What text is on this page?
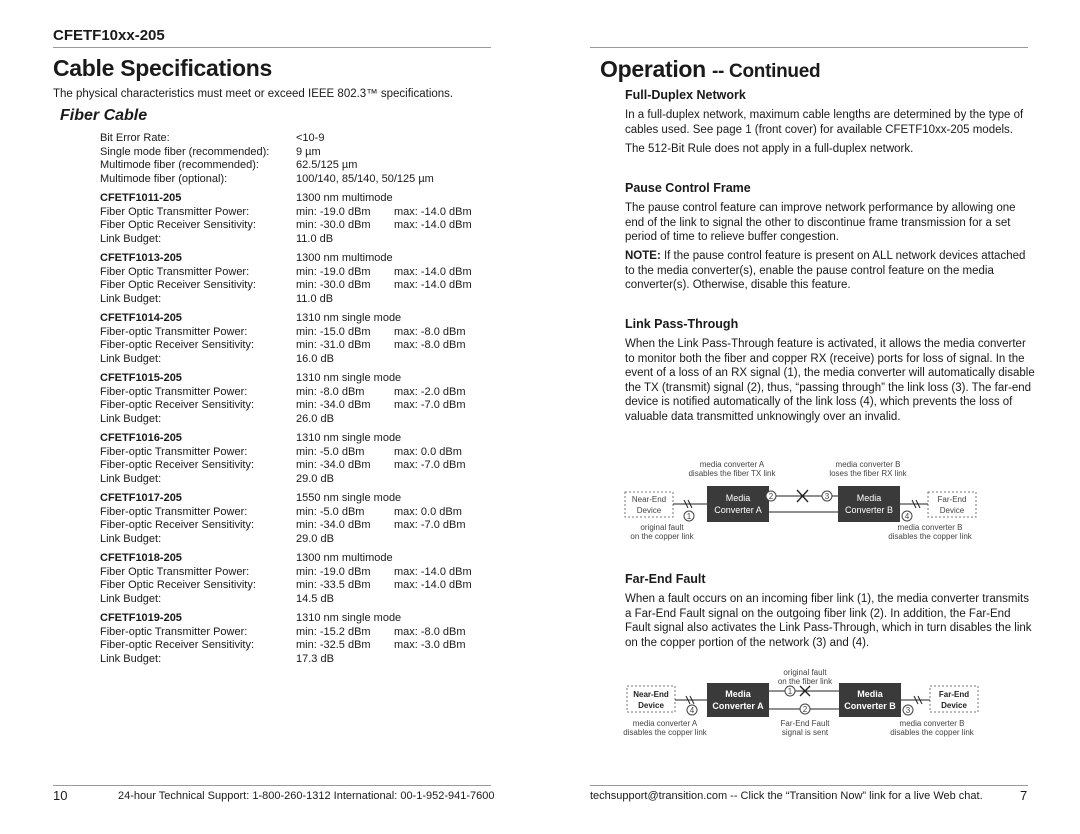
CFETF10xx-205
Cable Specifications
The physical characteristics must meet or exceed IEEE 802.3™ specifications.
Fiber Cable
Bit Error Rate:	<10-9
Single mode fiber (recommended):	9 µm
Multimode fiber (recommended):	62.5/125 µm
Multimode fiber (optional):	100/140, 85/140, 50/125 µm
CFETF1011-205	1300 nm multimode
Fiber Optic Transmitter Power:	min: -19.0 dBm	max: -14.0 dBm
Fiber Optic Receiver Sensitivity:	min: -30.0 dBm	max: -14.0 dBm
Link Budget:	11.0 dB
CFETF1013-205	1300 nm multimode
Fiber Optic Transmitter Power:	min: -19.0 dBm	max: -14.0 dBm
Fiber Optic Receiver Sensitivity:	min: -30.0 dBm	max: -14.0 dBm
Link Budget:	11.0 dB
CFETF1014-205	1310 nm single mode
Fiber-optic Transmitter Power:	min: -15.0 dBm	max: -8.0 dBm
Fiber-optic Receiver Sensitivity:	min: -31.0 dBm	max: -8.0 dBm
Link Budget:	16.0 dB
CFETF1015-205	1310 nm single mode
Fiber-optic Transmitter Power:	min: -8.0 dBm	max: -2.0 dBm
Fiber-optic Receiver Sensitivity:	min: -34.0 dBm	max: -7.0 dBm
Link Budget:	26.0 dB
CFETF1016-205	1310 nm single mode
Fiber-optic Transmitter Power:	min: -5.0 dBm	max: 0.0 dBm
Fiber-optic Receiver Sensitivity:	min: -34.0 dBm	max: -7.0 dBm
Link Budget:	29.0 dB
CFETF1017-205	1550 nm single mode
Fiber-optic Transmitter Power:	min: -5.0 dBm	max: 0.0 dBm
Fiber-optic Receiver Sensitivity:	min: -34.0 dBm	max: -7.0 dBm
Link Budget:	29.0 dB
CFETF1018-205	1300 nm multimode
Fiber Optic Transmitter Power:	min: -19.0 dBm	max: -14.0 dBm
Fiber Optic Receiver Sensitivity:	min: -33.5 dBm	max: -14.0 dBm
Link Budget:	14.5 dB
CFETF1019-205	1310 nm single mode
Fiber-optic Transmitter Power:	min: -15.2 dBm	max: -8.0 dBm
Fiber-optic Receiver Sensitivity:	min: -32.5 dBm	max: -3.0 dBm
Link Budget:	17.3 dB
10	24-hour Technical Support: 1-800-260-1312 International: 00-1-952-941-7600
Operation -- Continued
Full-Duplex Network
In a full-duplex network, maximum cable lengths are determined by the type of cables used. See page 1 (front cover) for available CFETF10xx-205 models.
The 512-Bit Rule does not apply in a full-duplex network.
Pause Control Frame
The pause control feature can improve network performance by allowing one end of the link to signal the other to discontinue frame transmission for a set period of time to relieve buffer congestion.
NOTE: If the pause control feature is present on ALL network devices attached to the media converter(s), enable the pause control feature on the media converter(s). Otherwise, disable this feature.
Link Pass-Through
When the Link Pass-Through feature is activated, it allows the media converter to monitor both the fiber and copper RX (receive) ports for loss of signal. In the event of a loss of an RX signal (1), the media converter will automatically disable the TX (transmit) signal (2), thus, “passing through” the link loss (3). The far-end device is notified automatically of the link loss (4), which prevents the loss of valuable data transmitted unknowingly over an invalid.
media converter A
disables the fiber TX link
media converter B
loses the fiber RX link
Near-End
Device
Far-End
Device
Media
Converter A
Media
Converter B
2	3
1	4
original fault
on the copper link
media converter B
disables the copper link
Far-End Fault
When a fault occurs on an incoming fiber link (1), the media converter transmits a Far-End Fault signal on the outgoing fiber link (2). In addition, the Far-End Fault signal also activates the Link Pass-Through, which in turn disables the link on the copper portion of the network (3) and (4).
original fault
on the fiber link
Near-End
Device
Far-End
Device
Media
Converter A
Media
Converter B
1
2	3
4
media converter A
disables the copper link
Far-End Fault
signal is sent
media converter B
disables the copper link
techsupport@transition.com -- Click the “Transition Now” link for a live Web chat.	7
